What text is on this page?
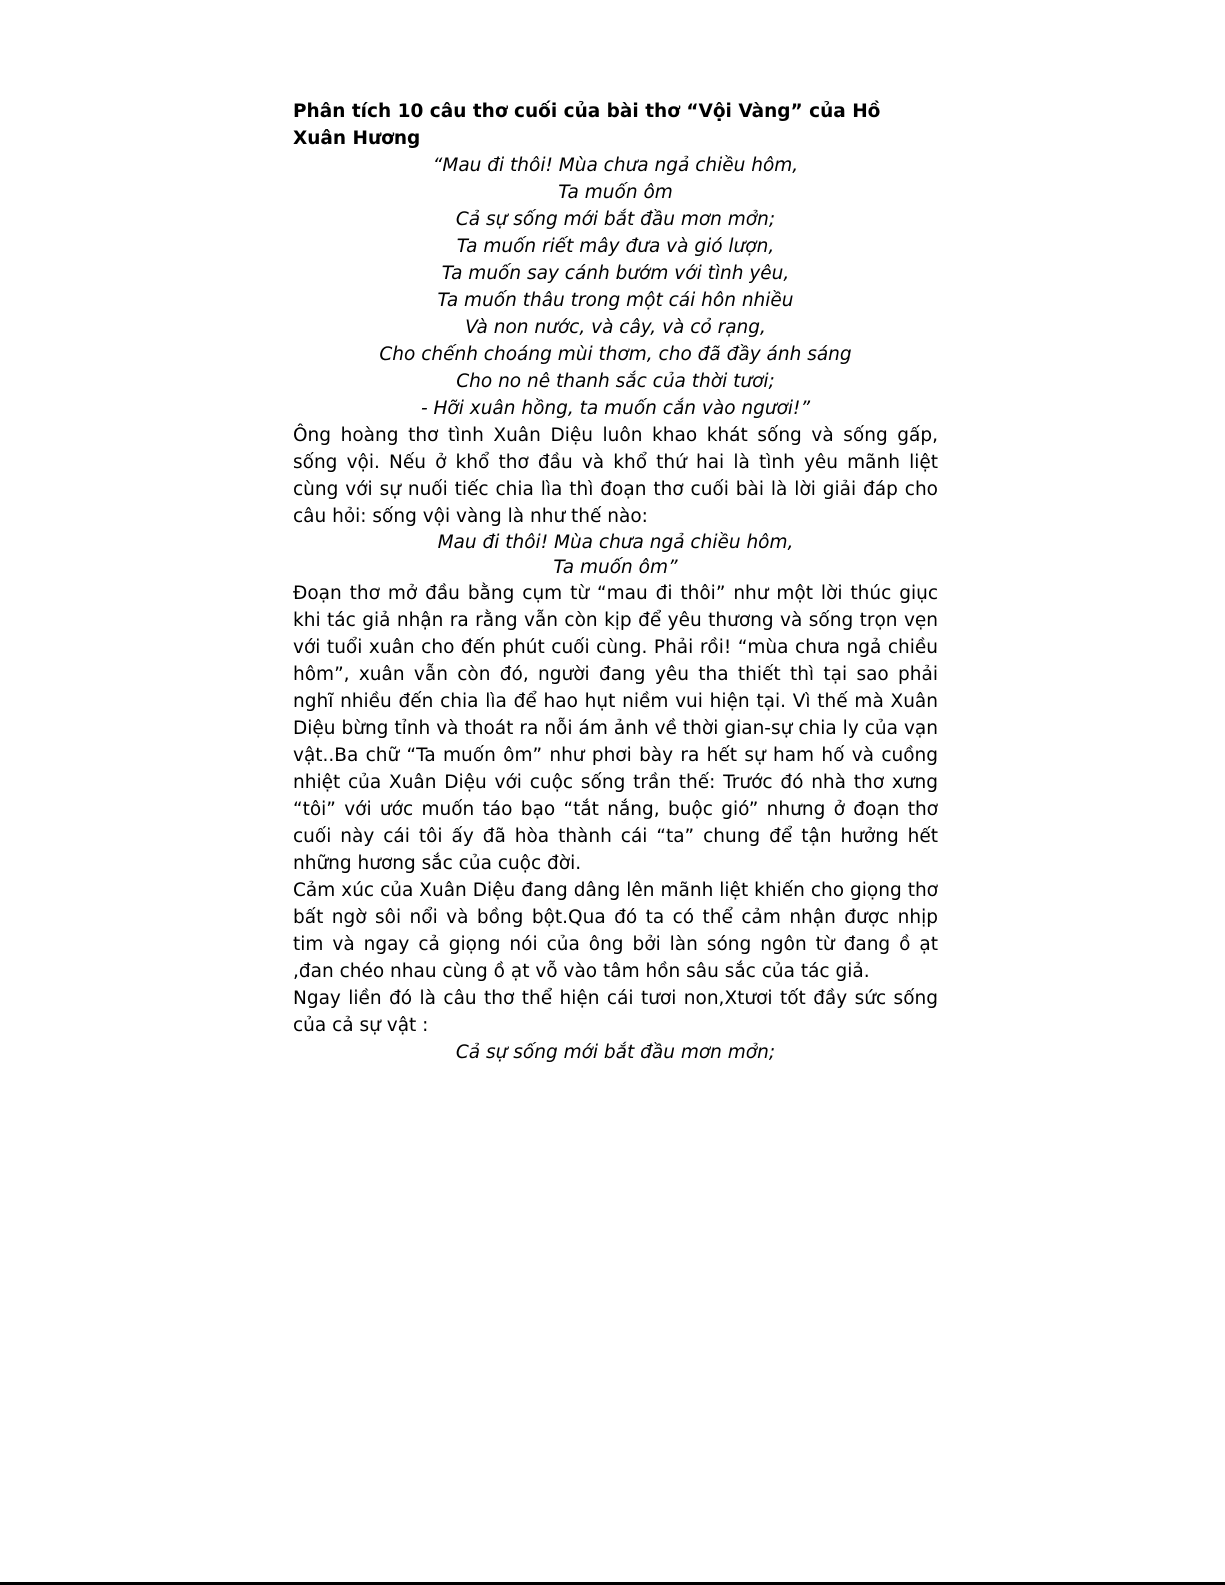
Phân tích 10 câu thơ cuối của bài thơ “Vội Vàng” của Hồ Xuân Hương

“Mau đi thôi! Mùa chưa ngả chiều hôm,
Ta muốn ôm
Cả sự sống mới bắt đầu mơn mởn;
Ta muốn riết mây đưa và gió lượn,
Ta muốn say cánh bướm với tình yêu,
Ta muốn thâu trong một cái hôn nhiều
Và non nước, và cây, và cỏ rạng,
Cho chếnh choáng mùi thơm, cho đã đầy ánh sáng
Cho no nê thanh sắc của thời tươi;
- Hỡi xuân hồng, ta muốn cắn vào ngươi!”

Ông hoàng thơ tình Xuân Diệu luôn khao khát sống và sống gấp, sống vội. Nếu ở khổ thơ đầu và khổ thứ hai là tình yêu mãnh liệt cùng với sự nuối tiếc chia lìa thì đoạn thơ cuối bài là lời giải đáp cho câu hỏi: sống vội vàng là như thế nào:

Mau đi thôi! Mùa chưa ngả chiều hôm,
Ta muốn ôm”

Đoạn thơ mở đầu bằng cụm từ “mau đi thôi” như một lời thúc giục khi tác giả nhận ra rằng vẫn còn kịp để yêu thương và sống trọn vẹn với tuổi xuân cho đến phút cuối cùng. Phải rồi! “mùa chưa ngả chiều hôm”, xuân vẫn còn đó, người đang yêu tha thiết thì tại sao phải nghĩ nhiều đến chia lìa để hao hụt niềm vui hiện tại. Vì thế mà Xuân Diệu bừng tỉnh và thoát ra nỗi ám ảnh về thời gian-sự chia ly của vạn vật..Ba chữ “Ta muốn ôm” như phơi bày ra hết sự ham hố và cuồng nhiệt của Xuân Diệu với cuộc sống trần thế: Trước đó nhà thơ xưng “tôi” với ước muốn táo bạo “tắt nắng, buộc gió” nhưng ở đoạn thơ cuối này cái tôi ấy đã hòa thành cái “ta” chung để tận hưởng hết những hương sắc của cuộc đời.

Cảm xúc của Xuân Diệu đang dâng lên mãnh liệt khiến cho giọng thơ bất ngờ sôi nổi và bồng bột.Qua đó ta có thể cảm nhận được nhịp tim và ngay cả giọng nói của ông bởi làn sóng ngôn từ đang ồ ạt ,đan chéo nhau cùng ồ ạt vỗ vào tâm hồn sâu sắc của tác giả.

Ngay liền đó là câu thơ thể hiện cái tươi non,Xtươi tốt đầy sức sống của cả sự vật :

Cả sự sống mới bắt đầu mơn mởn;
